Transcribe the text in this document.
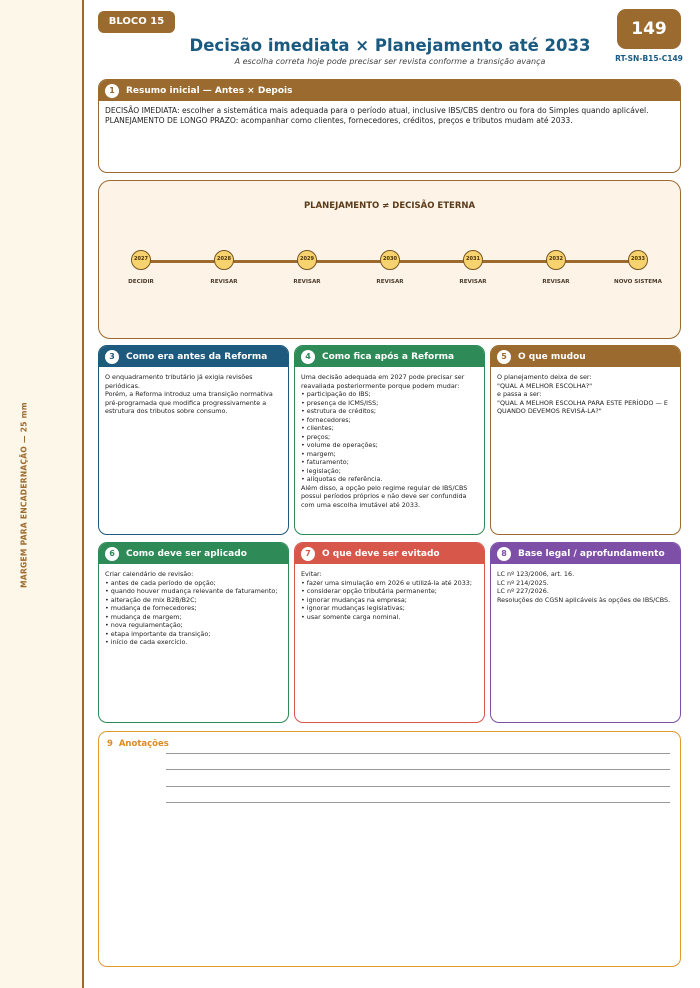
MARGEM PARA ENCADERNAÇÃO — 25 mm
BLOCO 15
Decisão imediata × Planejamento até 2033
A escolha correta hoje pode precisar ser revista conforme a transição avança
149
RT-SN-B15-C149
1	Resumo inicial — Antes × Depois
DECISÃO IMEDIATA: escolher a sistemática mais adequada para o período atual, inclusive IBS/CBS dentro ou fora do Simples quando aplicável.
PLANEJAMENTO DE LONGO PRAZO: acompanhar como clientes, fornecedores, créditos, preços e tributos mudam até 2033.
PLANEJAMENTO ≠ DECISÃO ETERNA
2027
DECIDIR
2028
REVISAR
2029
REVISAR
2030
REVISAR
2031
REVISAR
2032
REVISAR
2033
NOVO SISTEMA
3	Como era antes da Reforma
O enquadramento tributário já exigia revisões periódicas.
Porém, a Reforma introduz uma transição normativa pré-programada que modifica progressivamente a estrutura dos tributos sobre consumo.
4	Como fica após a Reforma
Uma decisão adequada em 2027 pode precisar ser reavaliada posteriormente porque podem mudar:
• participação do IBS;
• presença de ICMS/ISS;
• estrutura de créditos;
• fornecedores;
• clientes;
• preços;
• volume de operações;
• margem;
• faturamento;
• legislação;
• alíquotas de referência.
Além disso, a opção pelo regime regular de IBS/CBS possui períodos próprios e não deve ser confundida com uma escolha imutável até 2033.
5	O que mudou
O planejamento deixa de ser:
"QUAL A MELHOR ESCOLHA?"
e passa a ser:
"QUAL A MELHOR ESCOLHA PARA ESTE PERÍODO — E QUANDO DEVEMOS REVISÁ-LA?"
6	Como deve ser aplicado
Criar calendário de revisão:
• antes de cada período de opção;
• quando houver mudança relevante de faturamento;
• alteração de mix B2B/B2C;
• mudança de fornecedores;
• mudança de margem;
• nova regulamentação;
• etapa importante da transição;
• início de cada exercício.
7	O que deve ser evitado
Evitar:
• fazer uma simulação em 2026 e utilizá-la até 2033;
• considerar opção tributária permanente;
• ignorar mudanças na empresa;
• ignorar mudanças legislativas;
• usar somente carga nominal.
8	Base legal / aprofundamento
LC nº 123/2006, art. 16.
LC nº 214/2025.
LC nº 227/2026.
Resoluções do CGSN aplicáveis às opções de IBS/CBS.
9 Anotações
